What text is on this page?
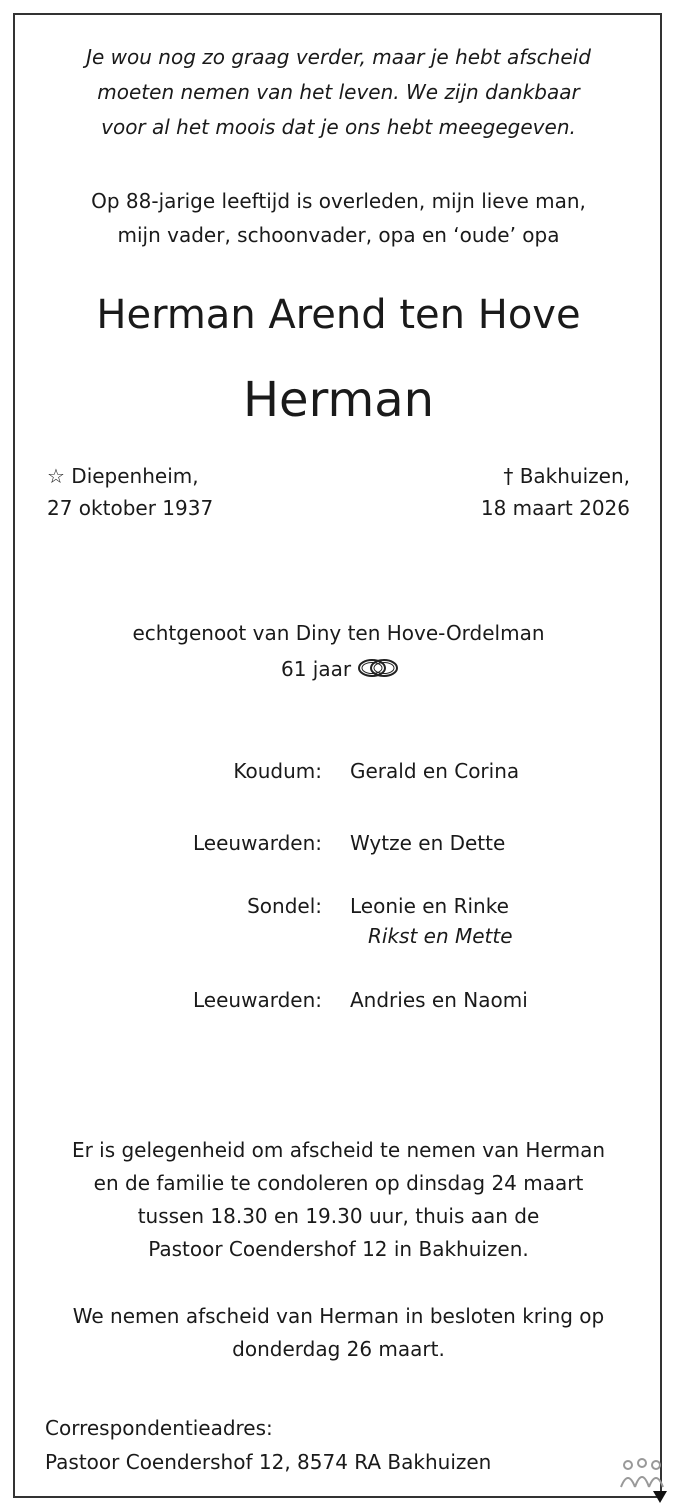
Je wou nog zo graag verder, maar je hebt afscheid
moeten nemen van het leven. We zijn dankbaar
voor al het moois dat je ons hebt meegegeven.
Op 88-jarige leeftijd is overleden, mijn lieve man,
mijn vader, schoonvader, opa en ‘oude’ opa
Herman Arend ten Hove
Herman
☆ Diepenheim,
27 oktober 1937
† Bakhuizen,
18 maart 2026
echtgenoot van Diny ten Hove-Ordelman
61 jaar
Koudum: Gerald en Corina
Leeuwarden: Wytze en Dette
Sondel: Leonie en Rinke
Rikst en Mette
Leeuwarden: Andries en Naomi
Er is gelegenheid om afscheid te nemen van Herman
en de familie te condoleren op dinsdag 24 maart
tussen 18.30 en 19.30 uur, thuis aan de
Pastoor Coendershof 12 in Bakhuizen.
We nemen afscheid van Herman in besloten kring op
donderdag 26 maart.
Correspondentieadres:
Pastoor Coendershof 12, 8574 RA Bakhuizen
